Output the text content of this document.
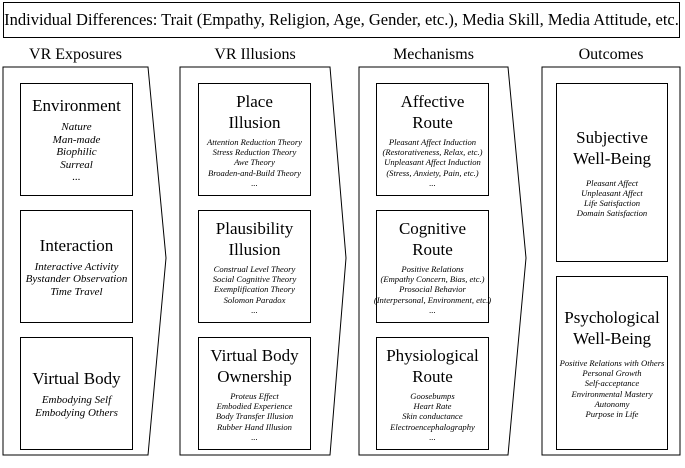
Individual Differences: Trait (Empathy, Religion, Age, Gender, etc.), Media Skill, Media Attitude, etc.
VR Exposures	VR Illusions	Mechanisms	Outcomes
Environment
Nature
Man-made
Biophilic
Surreal
...
Interaction
Interactive Activity
Bystander Observation
Time Travel
Virtual Body
Embodying Self
Embodying Others
Place
Illusion
Attention Reduction Theory
Stress Reduction Theory
Awe Theory
Broaden-and-Build Theory
...
Plausibility
Illusion
Construal Level Theory
Social Cognitive Theory
Exemplification Theory
Solomon Paradox
...
Virtual Body
Ownership
Proteus Effect
Embodied Experience
Body Transfer Illusion
Rubber Hand Illusion
...
Affective
Route
Pleasant Affect Induction
(Restorativeness, Relax, etc.)
Unpleasant Affect Induction
(Stress, Anxiety, Pain, etc.)
...
Cognitive
Route
Positive Relations
(Empathy Concern, Bias, etc.)
Prosocial Behavior
(Interpersonal, Environment, etc.)
...
Physiological
Route
Goosebumps
Heart Rate
Skin conductance
Electroencephalography
...
Subjective
Well-Being
Pleasant Affect
Unpleasant Affect
Life Satisfaction
Domain Satisfaction
Psychological
Well-Being
Positive Relations with Others
Personal Growth
Self-acceptance
Environmental Mastery
Autonomy
Purpose in Life
